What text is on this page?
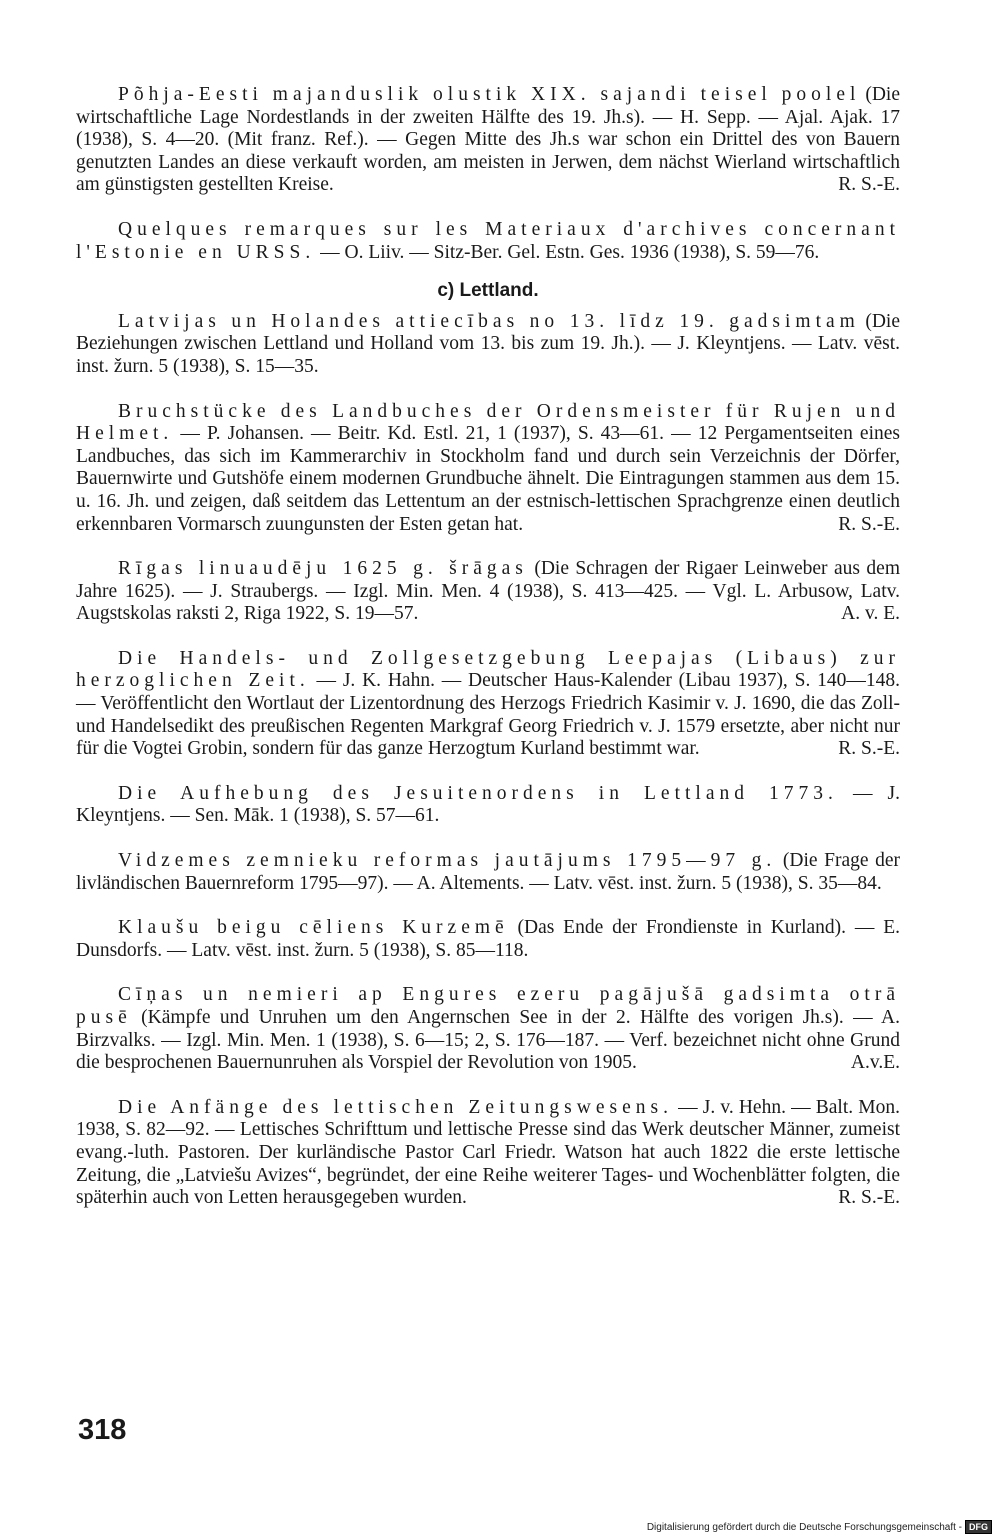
Põhja-Eesti majanduslik olustik XIX. sajandi teisel poolel (Die wirtschaftliche Lage Nordestlands in der zweiten Hälfte des 19. Jh.s). — H. Sepp. — Ajal. Ajak. 17 (1938), S. 4—20. (Mit franz. Ref.). — Gegen Mitte des Jh.s war schon ein Drittel des von Bauern genutzten Landes an diese verkauft worden, am meisten in Jerwen, dem nächst Wierland wirtschaftlich am günstigsten gestellten Kreise.	R. S.-E.

Quelques remarques sur les Materiaux d'archives concernant l'Estonie en URSS. — O. Liiv. — Sitz-Ber. Gel. Estn. Ges. 1936 (1938), S. 59—76.

c) Lettland.

Latvijas un Holandes attiecības no 13. līdz 19. gadsimtam (Die Beziehungen zwischen Lettland und Holland vom 13. bis zum 19. Jh.). — J. Kleyntjens. — Latv. vēst. inst. žurn. 5 (1938), S. 15—35.

Bruchstücke des Landbuches der Ordensmeister für Rujen und Helmet. — P. Johansen. — Beitr. Kd. Estl. 21, 1 (1937), S. 43—61. — 12 Pergamentseiten eines Landbuches, das sich im Kammerarchiv in Stockholm fand und durch sein Verzeichnis der Dörfer, Bauernwirte und Gutshöfe einem modernen Grundbuche ähnelt. Die Eintragungen stammen aus dem 15. u. 16. Jh. und zeigen, daß seitdem das Lettentum an der estnisch-lettischen Sprachgrenze einen deutlich erkennbaren Vormarsch zuungunsten der Esten getan hat.	R. S.-E.

Rīgas linuaudēju 1625 g. šrāgas (Die Schragen der Rigaer Leinweber aus dem Jahre 1625). — J. Straubergs. — Izgl. Min. Men. 4 (1938), S. 413—425. — Vgl. L. Arbusow, Latv. Augstskolas raksti 2, Riga 1922, S. 19—57.	A. v. E.

Die Handels- und Zollgesetzgebung Leepajas (Libaus) zur herzoglichen Zeit. — J. K. Hahn. — Deutscher Haus-Kalender (Libau 1937), S. 140—148. — Veröffentlicht den Wortlaut der Lizentordnung des Herzogs Friedrich Kasimir v. J. 1690, die das Zoll- und Handelsedikt des preußischen Regenten Markgraf Georg Friedrich v. J. 1579 ersetzte, aber nicht nur für die Vogtei Grobin, sondern für das ganze Herzogtum Kurland bestimmt war.	R. S.-E.

Die Aufhebung des Jesuitenordens in Lettland 1773. — J. Kleyntjens. — Sen. Māk. 1 (1938), S. 57—61.

Vidzemes zemnieku reformas jautājums 1795—97 g. (Die Frage der livländischen Bauernreform 1795—97). — A. Altements. — Latv. vēst. inst. žurn. 5 (1938), S. 35—84.

Klaušu beigu cēliens Kurzemē (Das Ende der Frondienste in Kurland). — E. Dunsdorfs. — Latv. vēst. inst. žurn. 5 (1938), S. 85—118.

Cīņas un nemieri ap Engures ezeru pagājušā gadsimta otrā pusē (Kämpfe und Unruhen um den Angernschen See in der 2. Hälfte des vorigen Jh.s). — A. Birzvalks. — Izgl. Min. Men. 1 (1938), S. 6—15; 2, S. 176—187. — Verf. bezeichnet nicht ohne Grund die besprochenen Bauernunruhen als Vorspiel der Revolution von 1905.	A.v.E.

Die Anfänge des lettischen Zeitungswesens. — J. v. Hehn. — Balt. Mon. 1938, S. 82—92. — Lettisches Schrifttum und lettische Presse sind das Werk deutscher Männer, zumeist evang.-luth. Pastoren. Der kurländische Pastor Carl Friedr. Watson hat auch 1822 die erste lettische Zeitung, die „Latviešu Avizes“, begründet, der eine Reihe weiterer Tages- und Wochenblätter folgten, die späterhin auch von Letten herausgegeben wurden.	R. S.-E.

318
Digitalisierung gefördert durch die Deutsche Forschungsgemeinschaft - DFG
